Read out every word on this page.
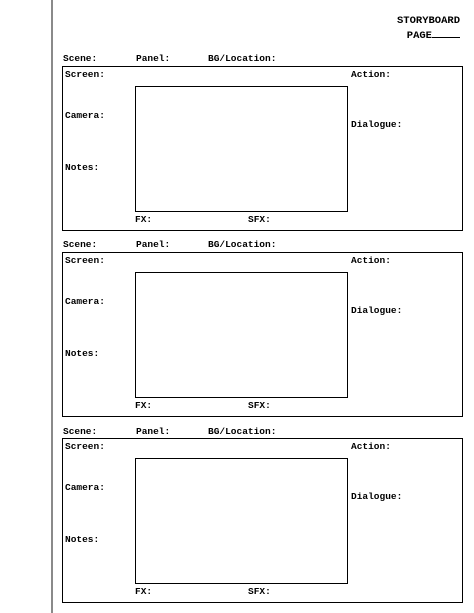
STORYBOARD
PAGE
Scene:	Panel:	BG/Location:
Screen:	Action:
Camera:
Dialogue:
Notes:
FX:	SFX:
Scene:	Panel:	BG/Location:
Screen:	Action:
Camera:
Dialogue:
Notes:
FX:	SFX:
Scene:	Panel:	BG/Location:
Screen:	Action:
Camera:
Dialogue:
Notes:
FX:	SFX:
